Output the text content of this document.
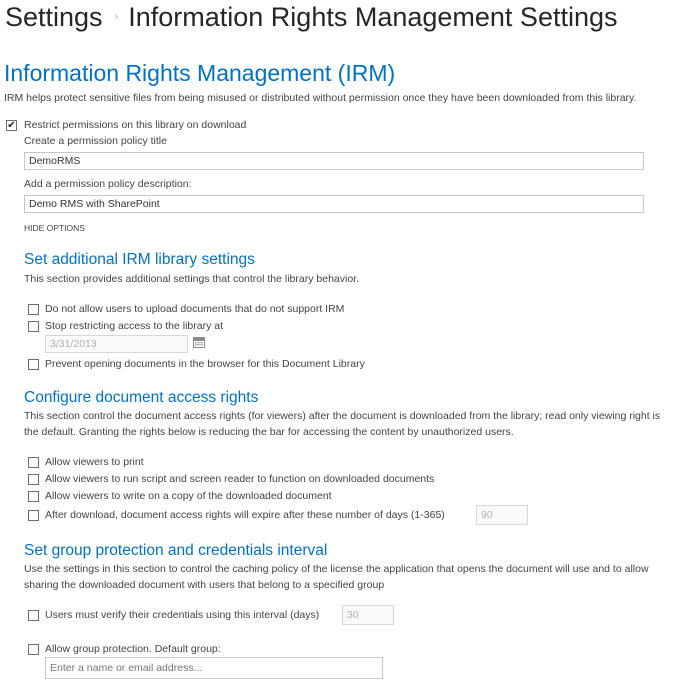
Settings › Information Rights Management Settings
Information Rights Management (IRM)
IRM helps protect sensitive files from being misused or distributed without permission once they have been downloaded from this library.
✔ Restrict permissions on this library on download
Create a permission policy title
DemoRMS
Add a permission policy description:
Demo RMS with SharePoint
HIDE OPTIONS
Set additional IRM library settings
This section provides additional settings that control the library behavior.
Do not allow users to upload documents that do not support IRM
Stop restricting access to the library at
3/31/2013
Prevent opening documents in the browser for this Document Library
Configure document access rights
This section control the document access rights (for viewers) after the document is downloaded from the library; read only viewing right is the default. Granting the rights below is reducing the bar for accessing the content by unauthorized users.
Allow viewers to print
Allow viewers to run script and screen reader to function on downloaded documents
Allow viewers to write on a copy of the downloaded document
After download, document access rights will expire after these number of days (1-365)
90
Set group protection and credentials interval
Use the settings in this section to control the caching policy of the license the application that opens the document will use and to allow sharing the downloaded document with users that belong to a specified group
Users must verify their credentials using this interval (days)
30
Allow group protection. Default group:
Enter a name or email address...
